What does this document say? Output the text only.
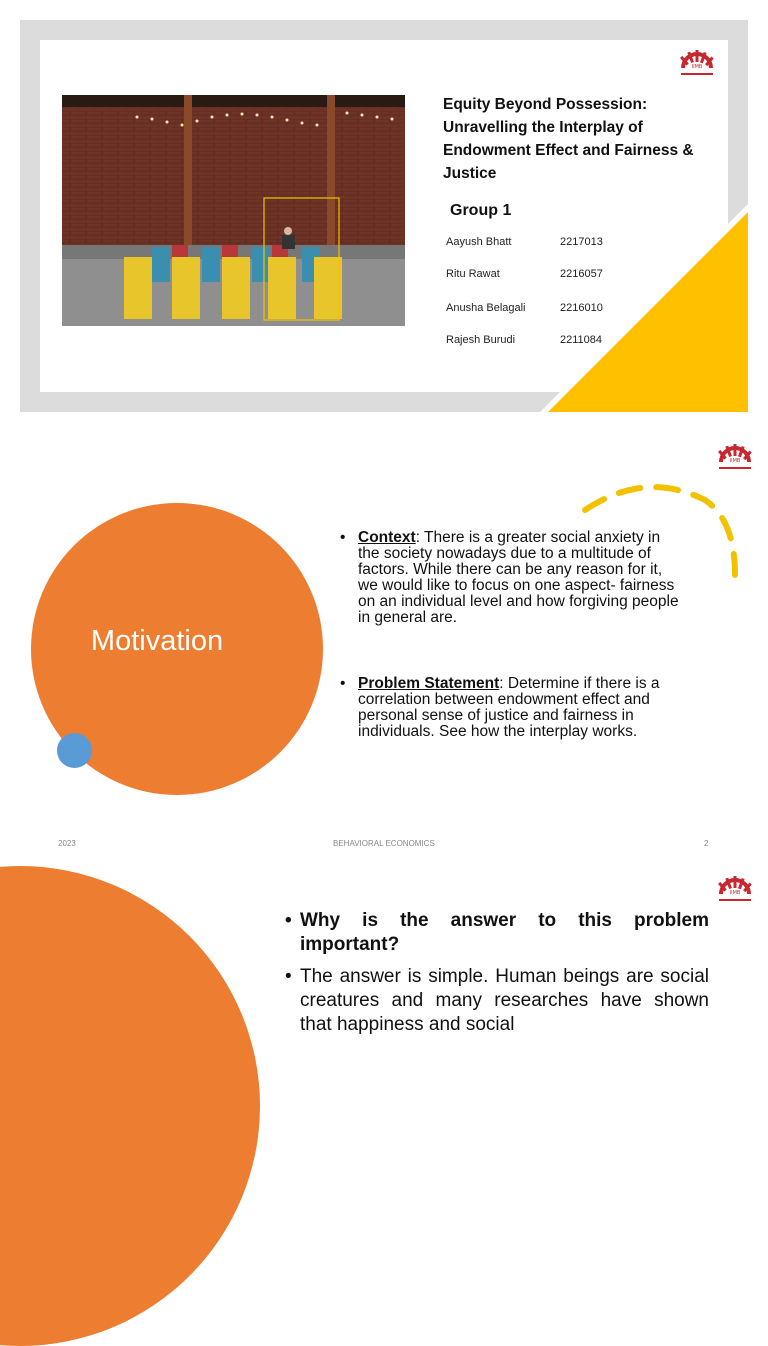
IIMB
Equity Beyond Possession: Unravelling the Interplay of Endowment Effect and Fairness & Justice
Group 1
Aayush Bhatt	2217013
Ritu Rawat	2216057
Anusha Belagali	2216010
Rajesh Burudi	2211084
IIMB
Motivation
• Context: There is a greater social anxiety in the society nowadays due to a multitude of factors. While there can be any reason for it, we would like to focus on one aspect- fairness on an individual level and how forgiving people in general are.
• Problem Statement: Determine if there is a correlation between endowment effect and personal sense of justice and fairness in individuals. See how the interplay works.
2023	BEHAVIORAL ECONOMICS	2
IIMB
• Why is the answer to this problem important?
• The answer is simple. Human beings are social creatures and many researches have shown that happiness and social
